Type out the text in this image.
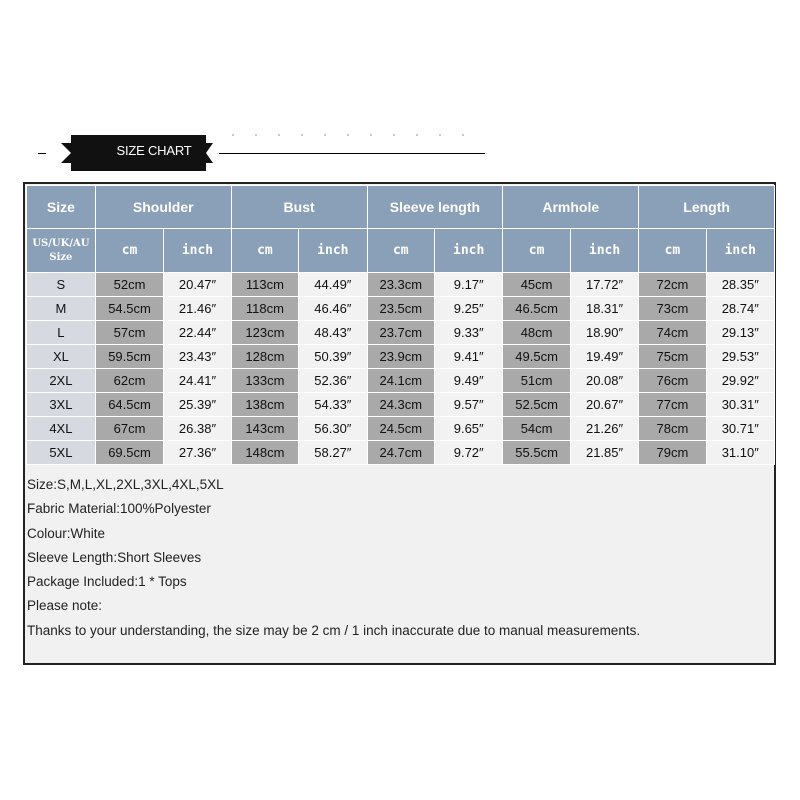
SIZE CHART
Size	Shoulder		Bust		Sleeve length		Armhole		Length	

US/UK/AU
Size	cm	inch	cm	inch	cm	inch	cm	inch	cm	inch
S	52cm	20.47″	113cm	44.49″	23.3cm	9.17″	45cm	17.72″	72cm	28.35″
M	54.5cm	21.46″	118cm	46.46″	23.5cm	9.25″	46.5cm	18.31″	73cm	28.74″
L	57cm	22.44″	123cm	48.43″	23.7cm	9.33″	48cm	18.90″	74cm	29.13″
XL	59.5cm	23.43″	128cm	50.39″	23.9cm	9.41″	49.5cm	19.49″	75cm	29.53″
2XL	62cm	24.41″	133cm	52.36″	24.1cm	9.49″	51cm	20.08″	76cm	29.92″
3XL	64.5cm	25.39″	138cm	54.33″	24.3cm	9.57″	52.5cm	20.67″	77cm	30.31″
4XL	67cm	26.38″	143cm	56.30″	24.5cm	9.65″	54cm	21.26″	78cm	30.71″
5XL	69.5cm	27.36″	148cm	58.27″	24.7cm	9.72″	55.5cm	21.85″	79cm	31.10″
Size:S,M,L,XL,2XL,3XL,4XL,5XL
Fabric Material:100%Polyester
Colour:White
Sleeve Length:Short Sleeves
Package Included:1 * Tops
Please note:
Thanks to your understanding, the size may be 2 cm / 1 inch inaccurate due to manual measurements.
